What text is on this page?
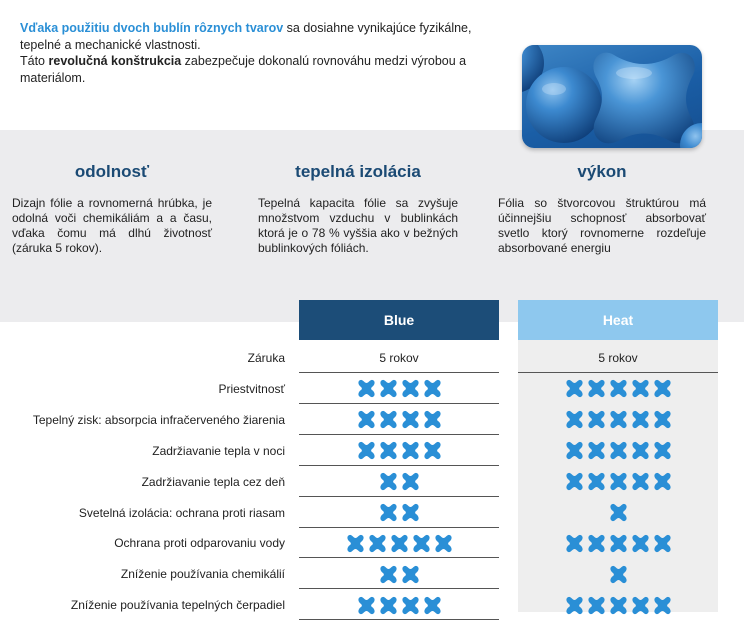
Vďaka použitiu dvoch bublín rôznych tvarov sa dosiahne vynikajúce fyzikálne, tepelné a mechanické vlastnosti.

Táto revolučná konštrukcia zabezpečuje dokonalú rovnováhu medzi výrobou a materiálom.

odolnosť

Dizajn fólie a rovnomerná hrúbka, je odolná voči chemikáliám a a času, vďaka čomu má dlhú životnosť (záruka 5 rokov).

tepelná izolácia

Tepelná kapacita fólie sa zvyšuje množstvom vzduchu v bublinkách ktorá je o 78 % vyššia ako v bežných bublinkových fóliách.

výkon

Fólia so štvorcovou štruktúrou má účinnejšiu schopnosť absorbovať svetlo ktorý rovnomerne rozdeľuje absorbované energiu

Blue	Heat
Záruka	5 rokov	5 rokov
Priestvitnosť
Tepelný zisk: absorpcia infračerveného žiarenia
Zadržiavanie tepla v noci
Zadržiavanie tepla cez deň
Svetelná izolácia: ochrana proti riasam
Ochrana proti odparovaniu vody
Zníženie používania chemikálií
Zníženie používania tepelných čerpadiel
